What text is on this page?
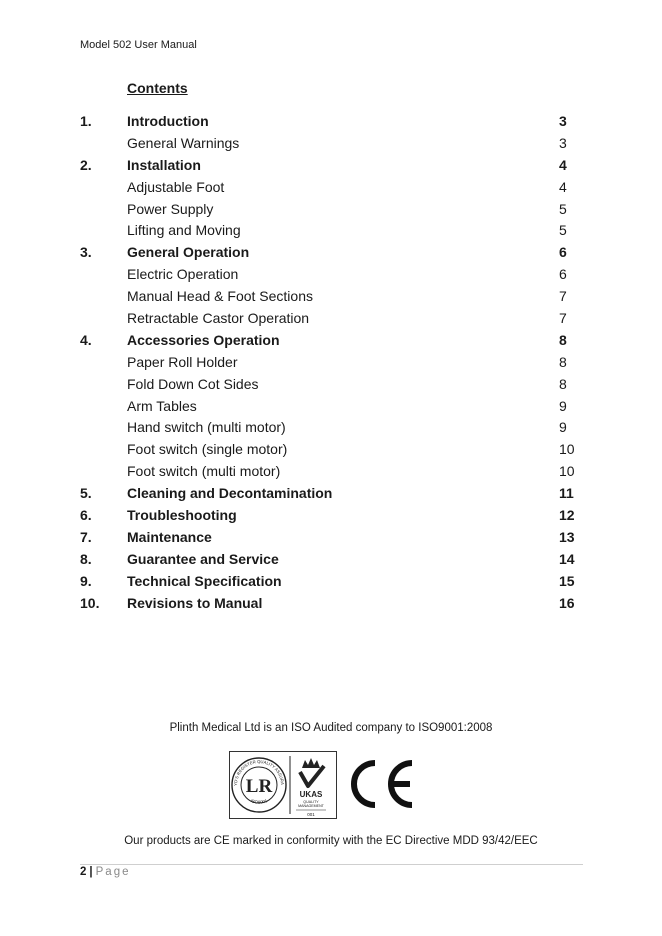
Model 502 User Manual
Contents
1.	Introduction	3
General Warnings	3
2.	Installation	4
Adjustable Foot	4
Power Supply	5
Lifting and Moving	5
3.	General Operation	6
Electric Operation	6
Manual Head & Foot Sections	7
Retractable Castor Operation	7
4.	Accessories Operation	8
Paper Roll Holder	8
Fold Down Cot Sides	8
Arm Tables	9
Hand switch (multi motor)	9
Foot switch (single motor)	10
Foot switch (multi motor)	10
5.	Cleaning and Decontamination	11
6.	Troubleshooting	12
7.	Maintenance	13
8.	Guarantee and Service	14
9.	Technical Specification	15
10.	Revisions to Manual	16
Plinth Medical Ltd is an ISO Audited company to ISO9001:2008
YD'S REGISTER QUALITY ASSURA
ISO9001
LR	UKAS
QUALITY
MANAGEMENT
001
Our products are CE marked in conformity with the EC Directive MDD 93/42/EEC
2 | Page
